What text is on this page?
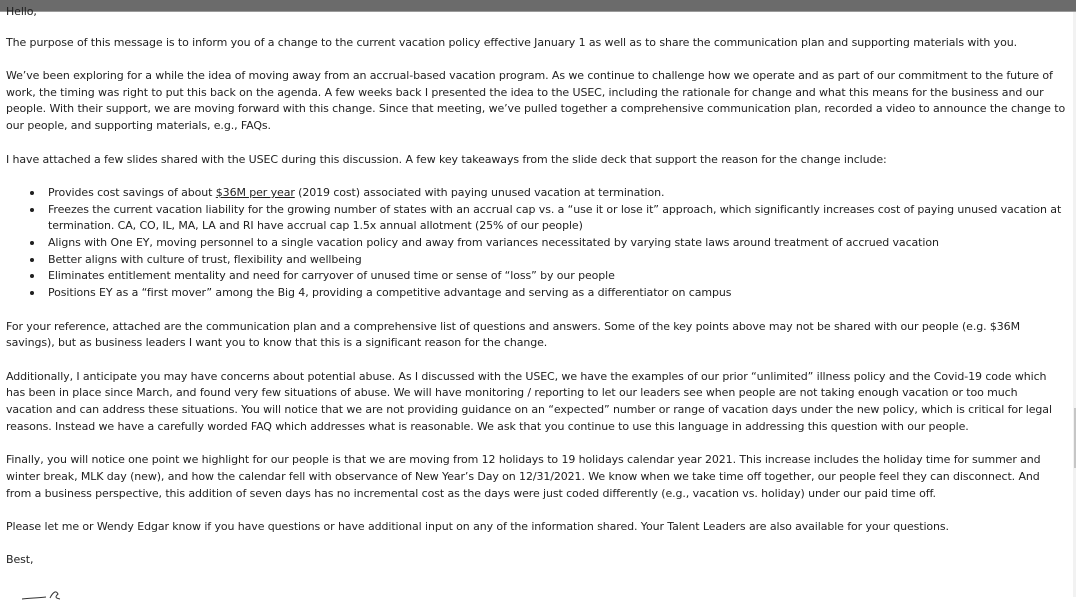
Hello,

The purpose of this message is to inform you of a change to the current vacation policy effective January 1 as well as to share the communication plan and supporting materials with you.

We’ve been exploring for a while the idea of moving away from an accrual-based vacation program. As we continue to challenge how we operate and as part of our commitment to the future of work, the timing was right to put this back on the agenda. A few weeks back I presented the idea to the USEC, including the rationale for change and what this means for the business and our people. With their support, we are moving forward with this change. Since that meeting, we’ve pulled together a comprehensive communication plan, recorded a video to announce the change to our people, and supporting materials, e.g., FAQs.

I have attached a few slides shared with the USEC during this discussion. A few key takeaways from the slide deck that support the reason for the change include:

Provides cost savings of about $36M per year (2019 cost) associated with paying unused vacation at termination.
Freezes the current vacation liability for the growing number of states with an accrual cap vs. a “use it or lose it” approach, which significantly increases cost of paying unused vacation at termination. CA, CO, IL, MA, LA and RI have accrual cap 1.5x annual allotment (25% of our people)
Aligns with One EY, moving personnel to a single vacation policy and away from variances necessitated by varying state laws around treatment of accrued vacation
Better aligns with culture of trust, flexibility and wellbeing
Eliminates entitlement mentality and need for carryover of unused time or sense of “loss” by our people
Positions EY as a “first mover” among the Big 4, providing a competitive advantage and serving as a differentiator on campus

For your reference, attached are the communication plan and a comprehensive list of questions and answers. Some of the key points above may not be shared with our people (e.g. $36M savings), but as business leaders I want you to know that this is a significant reason for the change.

Additionally, I anticipate you may have concerns about potential abuse. As I discussed with the USEC, we have the examples of our prior “unlimited” illness policy and the Covid-19 code which has been in place since March, and found very few situations of abuse. We will have monitoring / reporting to let our leaders see when people are not taking enough vacation or too much vacation and can address these situations. You will notice that we are not providing guidance on an “expected” number or range of vacation days under the new policy, which is critical for legal reasons. Instead we have a carefully worded FAQ which addresses what is reasonable. We ask that you continue to use this language in addressing this question with our people.

Finally, you will notice one point we highlight for our people is that we are moving from 12 holidays to 19 holidays calendar year 2021. This increase includes the holiday time for summer and winter break, MLK day (new), and how the calendar fell with observance of New Year’s Day on 12/31/2021. We know when we take time off together, our people feel they can disconnect. And from a business perspective, this addition of seven days has no incremental cost as the days were just coded differently (e.g., vacation vs. holiday) under our paid time off.

Please let me or Wendy Edgar know if you have questions or have additional input on any of the information shared. Your Talent Leaders are also available for your questions.

Best,
